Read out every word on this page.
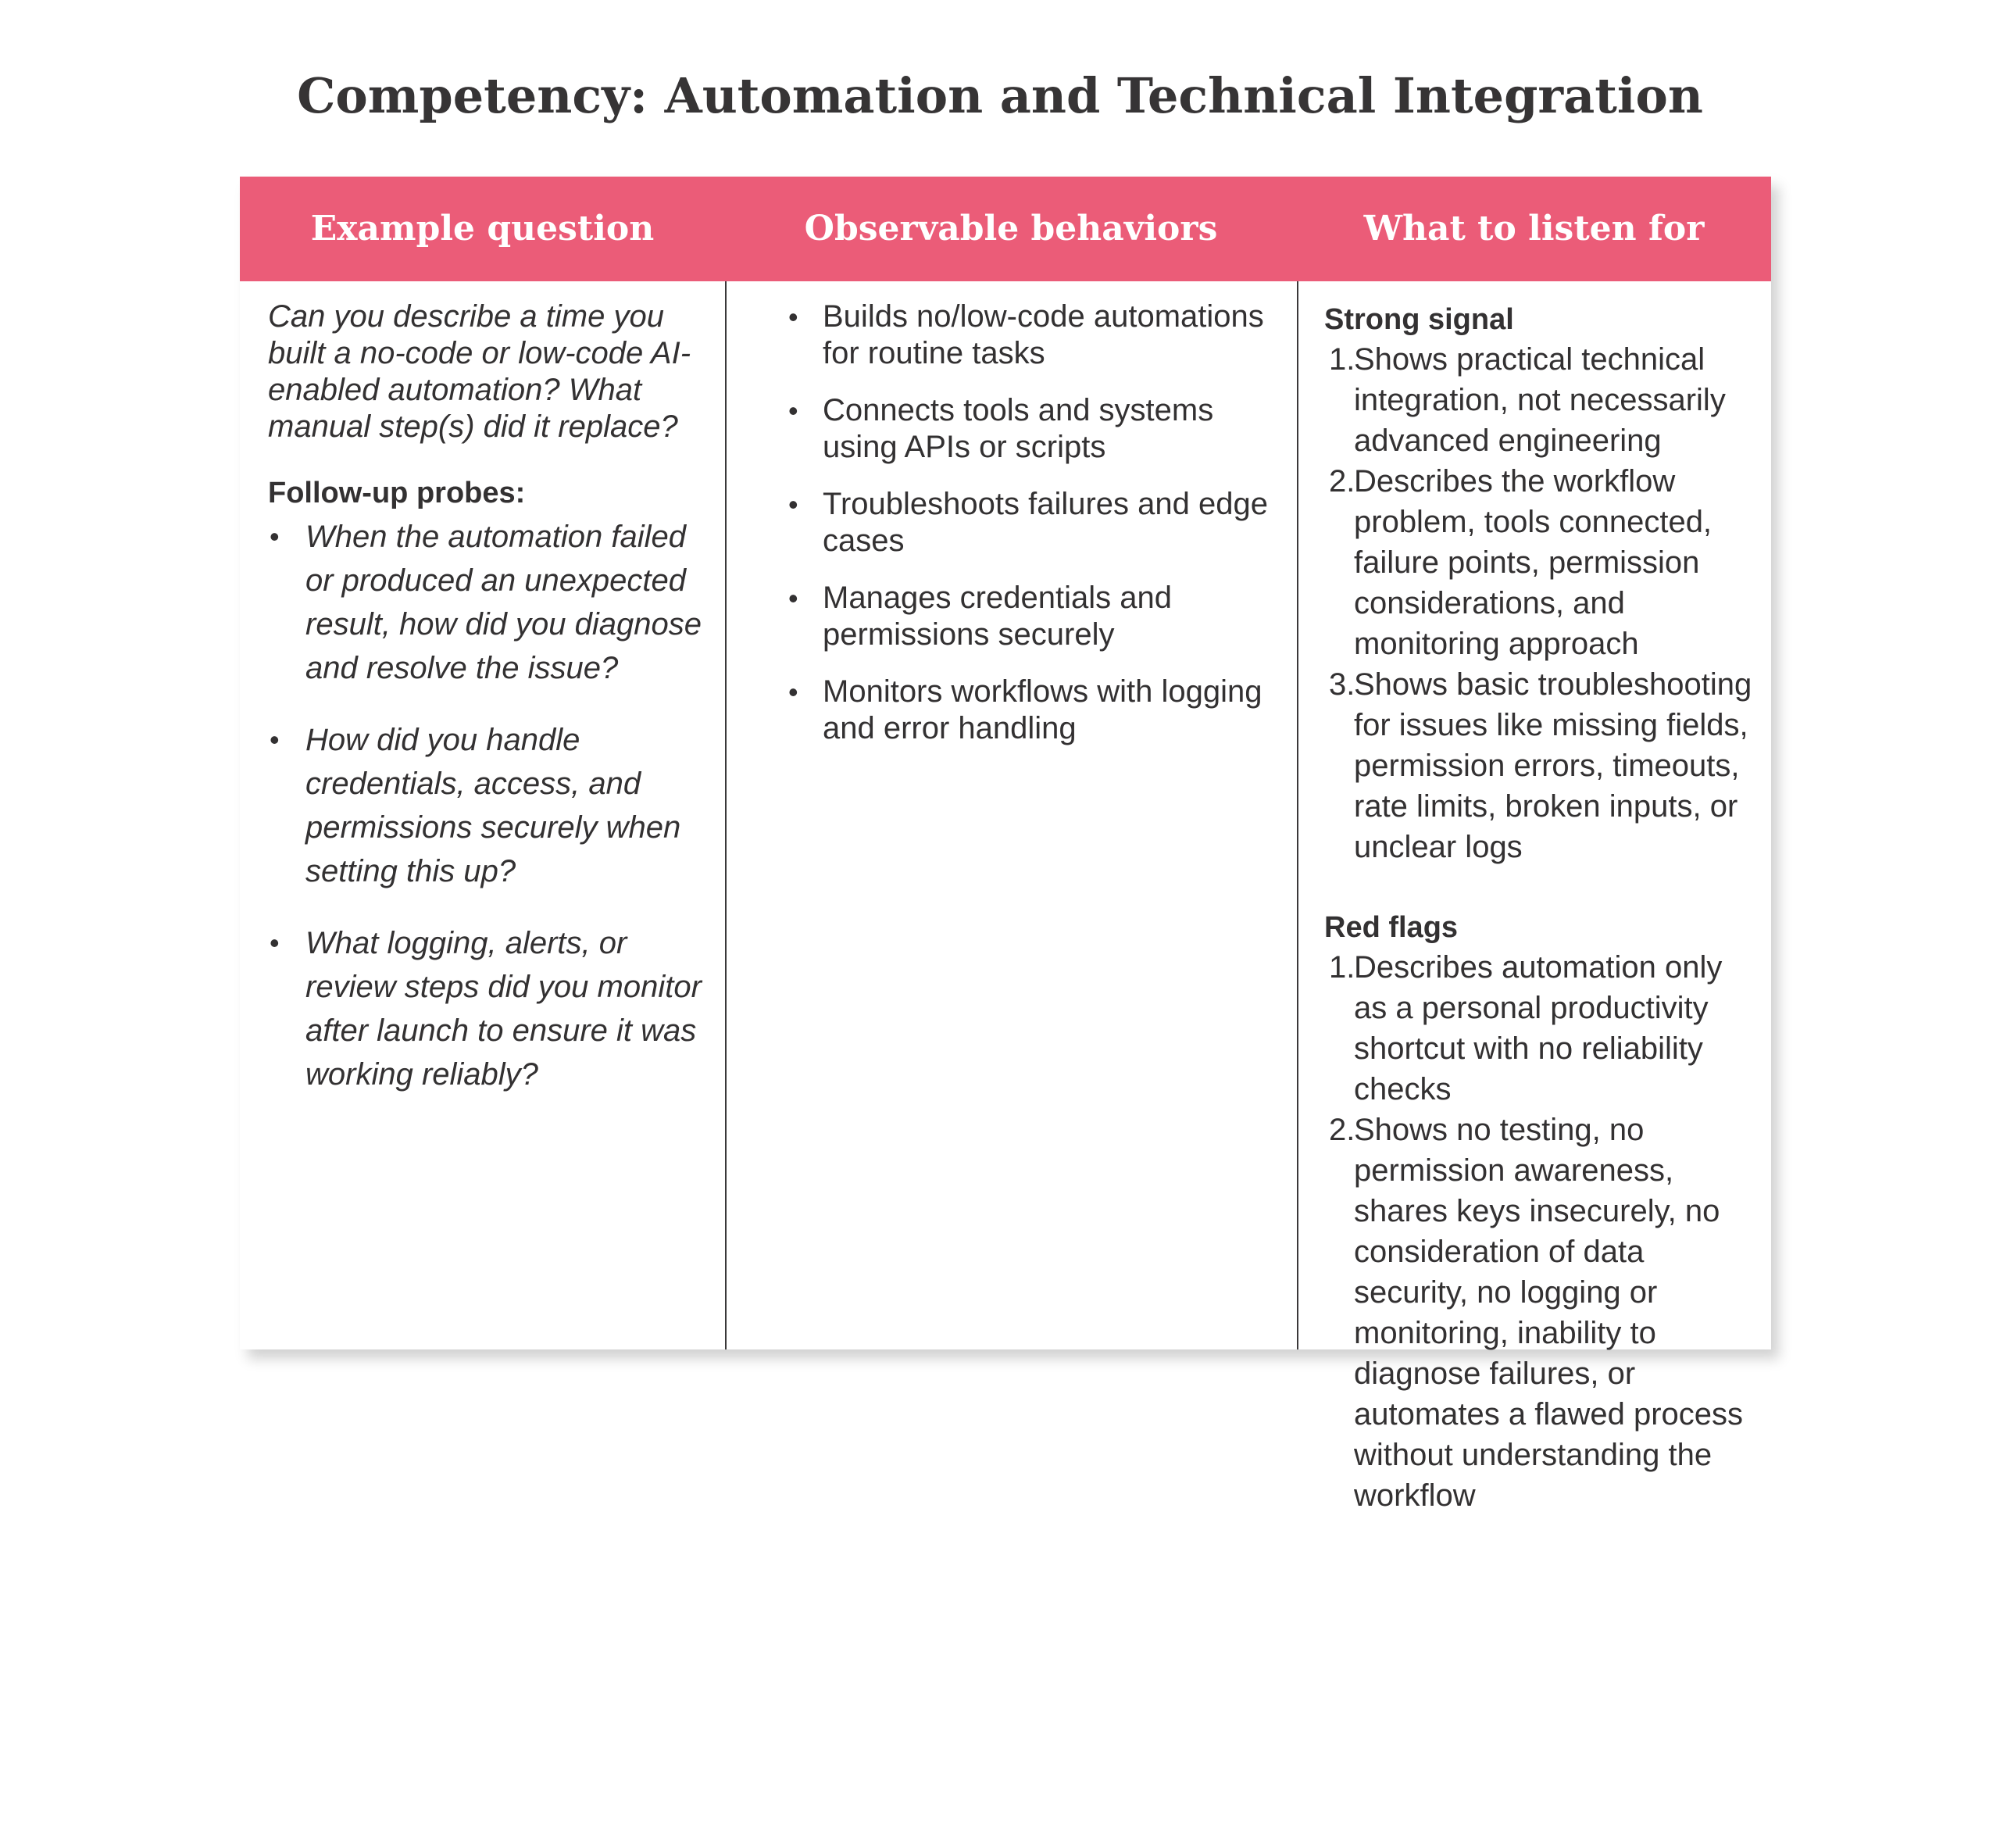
Competency: Automation and Technical Integration
Example question	Observable behaviors	What to listen for

Can you describe a time you built a no-code or low-code AI-enabled automation? What manual step(s) did it replace?

Follow-up probes:
• When the automation failed or produced an unexpected result, how did you diagnose and resolve the issue?
• How did you handle credentials, access, and permissions securely when setting this up?
• What logging, alerts, or review steps did you monitor after launch to ensure it was working reliably?
• Builds no/low-code automations for routine tasks
• Connects tools and systems using APIs or scripts
• Troubleshoots failures and edge cases
• Manages credentials and permissions securely
• Monitors workflows with logging and error handling
Strong signal
1.
Shows practical technical integration, not necessarily advanced engineering
2.
Describes the workflow problem, tools connected, failure points, permission considerations, and monitoring approach
3.
Shows basic troubleshooting for issues like missing fields, permission errors, timeouts, rate limits, broken inputs, or unclear logs
Red flags
1.
Describes automation only as a personal productivity shortcut with no reliability checks
2.
Shows no testing, no permission awareness, shares keys insecurely, no consideration of data security, no logging or monitoring, inability to diagnose failures, or automates a flawed process without understanding the workflow
